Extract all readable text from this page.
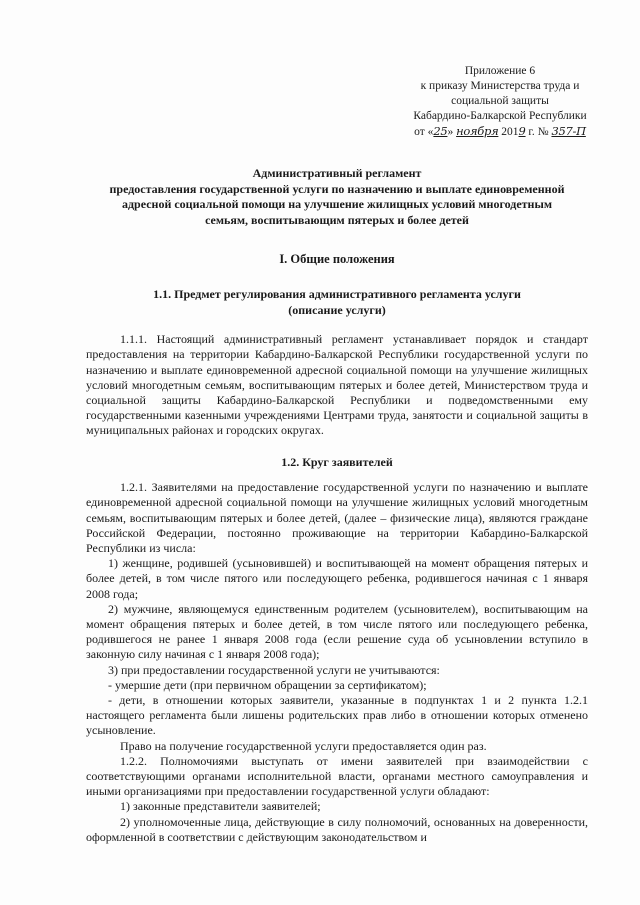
Приложение 6
к приказу Министерства труда и
социальной защиты
Кабардино-Балкарской Республики
от «25» ноября 2019 г. № 357-П
Административный регламент
предоставления государственной услуги по назначению и выплате единовременной
адресной социальной помощи на улучшение жилищных условий многодетным
семьям, воспитывающим пятерых и более детей
I. Общие положения
1.1. Предмет регулирования административного регламента услуги
(описание услуги)

1.1.1. Настоящий административный регламент устанавливает порядок и стандарт предоставления на территории Кабардино-Балкарской Республики государственной услуги по назначению и выплате единовременной адресной социальной помощи на улучшение жилищных условий многодетным семьям, воспитывающим пятерых и более детей, Министерством труда и социальной защиты Кабардино-Балкарской Республики и подведомственными ему государственными казенными учреждениями Центрами труда, занятости и социальной защиты в муниципальных районах и городских округах.

1.2. Круг заявителей

1.2.1. Заявителями на предоставление государственной услуги по назначению и выплате единовременной адресной социальной помощи на улучшение жилищных условий многодетным семьям, воспитывающим пятерых и более детей, (далее – физические лица), являются граждане Российской Федерации, постоянно проживающие на территории Кабардино-Балкарской Республики из числа:

1) женщине, родившей (усыновившей) и воспитывающей на момент обращения пятерых и более детей, в том числе пятого или последующего ребенка, родившегося начиная с 1 января 2008 года;

2) мужчине, являющемуся единственным родителем (усыновителем), воспитывающим на момент обращения пятерых и более детей, в том числе пятого или последующего ребенка, родившегося не ранее 1 января 2008 года (если решение суда об усыновлении вступило в законную силу начиная с 1 января 2008 года);

3) при предоставлении государственной услуги не учитываются:

- умершие дети (при первичном обращении за сертификатом);

- дети, в отношении которых заявители, указанные в подпунктах 1 и 2 пункта 1.2.1 настоящего регламента были лишены родительских прав либо в отношении которых отменено усыновление.

Право на получение государственной услуги предоставляется один раз.

1.2.2. Полномочиями выступать от имени заявителей при взаимодействии с соответствующими органами исполнительной власти, органами местного самоуправления и иными организациями при предоставлении государственной услуги обладают:

1) законные представители заявителей;

2) уполномоченные лица, действующие в силу полномочий, основанных на доверенности, оформленной в соответствии с действующим законодательством и
